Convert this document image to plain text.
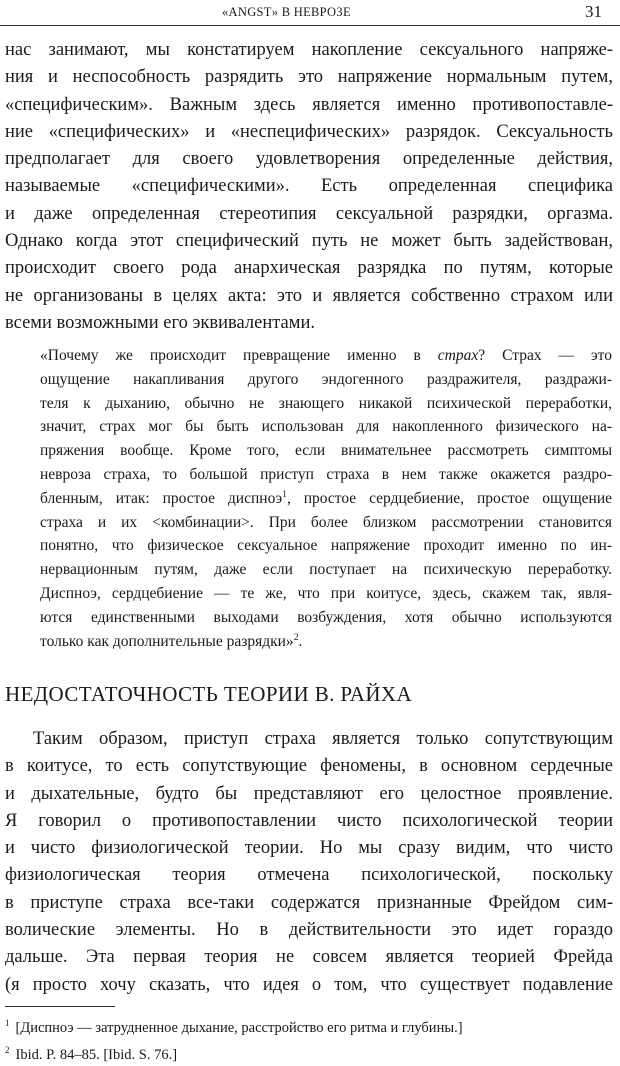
«ANGST» В НЕВРОЗЕ	31
нас занимают, мы констатируем накопление сексуального напряже-
ния и неспособность разрядить это напряжение нормальным путем,
«специфическим». Важным здесь является именно противопоставле-
ние «специфических» и «неспецифических» разрядок. Сексуальность
предполагает для своего удовлетворения определенные действия,
называемые «специфическими». Есть определенная специфика
и даже определенная стереотипия сексуальной разрядки, оргазма.
Однако когда этот специфический путь не может быть задействован,
происходит своего рода анархическая разрядка по путям, которые
не организованы в целях акта: это и является собственно страхом или
всеми возможными его эквивалентами.
«Почему же происходит превращение именно в страх? Страх — это
ощущение накапливания другого эндогенного раздражителя, раздражи-
теля к дыханию, обычно не знающего никакой психической переработки,
значит, страх мог бы быть использован для накопленного физического на-
пряжения вообще. Кроме того, если внимательнее рассмотреть симптомы
невроза страха, то большой приступ страха в нем также окажется раздро-
бленным, итак: простое диспноэ$^1$, простое сердцебиение, простое ощущение
страха и их <комбинации>. При более близком рассмотрении становится
понятно, что физическое сексуальное напряжение проходит именно по ин-
нервационным путям, даже если поступает на психическую переработку.
Диспноэ, сердцебиение — те же, что при коитусе, здесь, скажем так, явля-
ются единственными выходами возбуждения, хотя обычно используются
только как дополнительные разрядки»$^2$.
НЕДОСТАТОЧНОСТЬ ТЕОРИИ В. РАЙХА
Таким образом, приступ страха является только сопутствующим
в коитусе, то есть сопутствующие феномены, в основном сердечные
и дыхательные, будто бы представляют его целостное проявление.
Я говорил о противопоставлении чисто психологической теории
и чисто физиологической теории. Но мы сразу видим, что чисто
физиологическая теория отмечена психологической, поскольку
в приступе страха все-таки содержатся признанные Фрейдом сим-
волические элементы. Но в действительности это идет гораздо
дальше. Эта первая теория не совсем является теорией Фрейда
(я просто хочу сказать, что идея о том, что существует подавление
$^1$ [Диспноэ — затрудненное дыхание, расстройство его ритма и глубины.]
$^2$ Ibid. P. 84–85. [Ibid. S. 76.]
